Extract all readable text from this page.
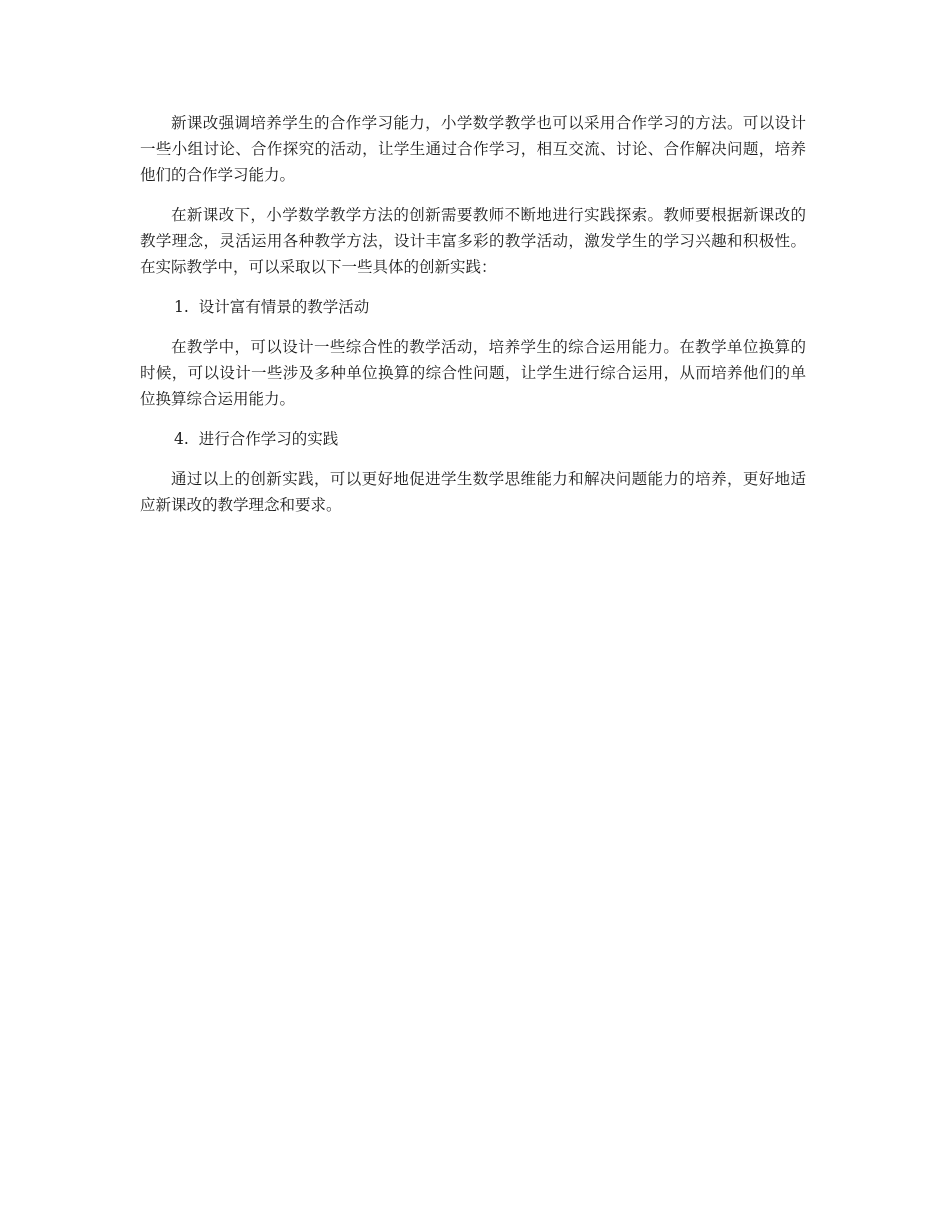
新课改强调培养学生的合作学习能力，小学数学教学也可以采用合作学习的方法。可以设计一些小组讨论、合作探究的活动，让学生通过合作学习，相互交流、讨论、合作解决问题，培养他们的合作学习能力。

在新课改下，小学数学教学方法的创新需要教师不断地进行实践探索。教师要根据新课改的教学理念，灵活运用各种教学方法，设计丰富多彩的教学活动，激发学生的学习兴趣和积极性。在实际教学中，可以采取以下一些具体的创新实践：

1. 设计富有情景的教学活动

在教学中，可以设计一些综合性的教学活动，培养学生的综合运用能力。在教学单位换算的时候，可以设计一些涉及多种单位换算的综合性问题，让学生进行综合运用，从而培养他们的单位换算综合运用能力。

4. 进行合作学习的实践

通过以上的创新实践，可以更好地促进学生数学思维能力和解决问题能力的培养，更好地适应新课改的教学理念和要求。
